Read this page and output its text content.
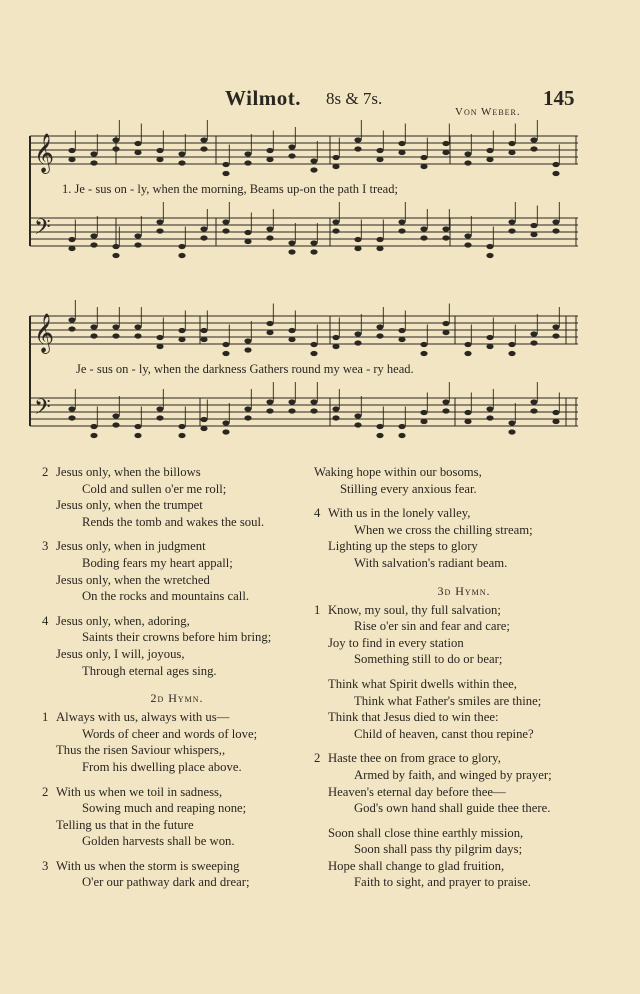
Wilmot. 8s & 7s.	145
Von Weber.
𝄞
𝄢
𝄞
𝄢
1. Je - sus on - ly, when the morning, Beams up-on the path I tread;
Je - sus on - ly, when the darkness Gathers round my wea - ry head.
2 Jesus only, when the billows
Cold and sullen o'er me roll;
Jesus only, when the trumpet
Rends the tomb and wakes the soul.
3 Jesus only, when in judgment
Boding fears my heart appall;
Jesus only, when the wretched
On the rocks and mountains call.
4 Jesus only, when, adoring,
Saints their crowns before him bring;
Jesus only, I will, joyous,
Through eternal ages sing.
2d Hymn.
1 Always with us, always with us—
Words of cheer and words of love;
Thus the risen Saviour whispers,,
From his dwelling place above.
2 With us when we toil in sadness,
Sowing much and reaping none;
Telling us that in the future
Golden harvests shall be won.
3 With us when the storm is sweeping
O'er our pathway dark and drear;
Waking hope within our bosoms,
Stilling every anxious fear.
4 With us in the lonely valley,
When we cross the chilling stream;
Lighting up the steps to glory
With salvation's radiant beam.
3d Hymn.
1 Know, my soul, thy full salvation;
Rise o'er sin and fear and care;
Joy to find in every station
Something still to do or bear;
Think what Spirit dwells within thee,
Think what Father's smiles are thine;
Think that Jesus died to win thee:
Child of heaven, canst thou repine?
2 Haste thee on from grace to glory,
Armed by faith, and winged by prayer;
Heaven's eternal day before thee—
God's own hand shall guide thee there.
Soon shall close thine earthly mission,
Soon shall pass thy pilgrim days;
Hope shall change to glad fruition,
Faith to sight, and prayer to praise.
